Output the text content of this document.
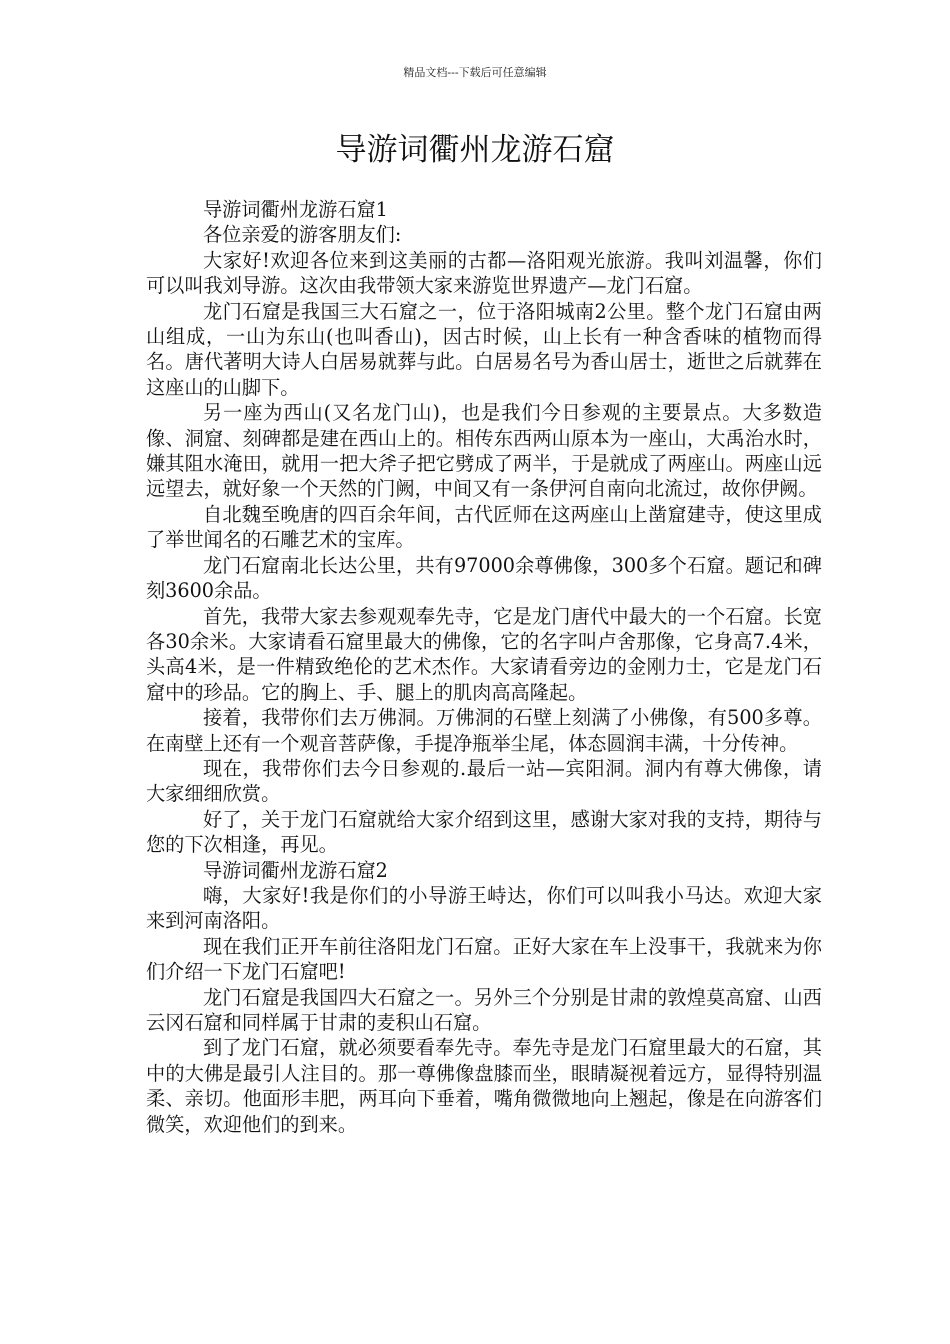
精品文档---下载后可任意编辑
导游词衢州龙游石窟

导游词衢州龙游石窟1

各位亲爱的游客朋友们:

大家好!欢迎各位来到这美丽的古都—洛阳观光旅游。我叫刘温馨，你们可以叫我刘导游。这次由我带领大家来游览世界遗产—龙门石窟。

龙门石窟是我国三大石窟之一，位于洛阳城南2公里。整个龙门石窟由两山组成，一山为东山(也叫香山)，因古时候，山上长有一种含香味的植物而得名。唐代著明大诗人白居易就葬与此。白居易名号为香山居士，逝世之后就葬在这座山的山脚下。

另一座为西山(又名龙门山)，也是我们今日参观的主要景点。大多数造像、洞窟、刻碑都是建在西山上的。相传东西两山原本为一座山，大禹治水时，嫌其阻水淹田，就用一把大斧子把它劈成了两半，于是就成了两座山。两座山远远望去，就好象一个天然的门阙，中间又有一条伊河自南向北流过，故你伊阙。

自北魏至晚唐的四百余年间，古代匠师在这两座山上凿窟建寺，使这里成了举世闻名的石雕艺术的宝库。

龙门石窟南北长达公里，共有97000余尊佛像，300多个石窟。题记和碑刻3600余品。

首先，我带大家去参观观奉先寺，它是龙门唐代中最大的一个石窟。长宽各30余米。大家请看石窟里最大的佛像，它的名字叫卢舍那像，它身高7.4米，头高4米，是一件精致绝伦的艺术杰作。大家请看旁边的金刚力士，它是龙门石窟中的珍品。它的胸上、手、腿上的肌肉高高隆起。

接着，我带你们去万佛洞。万佛洞的石壁上刻满了小佛像，有500多尊。在南壁上还有一个观音菩萨像，手提净瓶举尘尾，体态圆润丰满，十分传神。

现在，我带你们去今日参观的.最后一站—宾阳洞。洞内有尊大佛像，请大家细细欣赏。

好了，关于龙门石窟就给大家介绍到这里，感谢大家对我的支持，期待与您的下次相逢，再见。

导游词衢州龙游石窟2

嗨，大家好!我是你们的小导游王峙达，你们可以叫我小马达。欢迎大家来到河南洛阳。

现在我们正开车前往洛阳龙门石窟。正好大家在车上没事干，我就来为你们介绍一下龙门石窟吧!

龙门石窟是我国四大石窟之一。另外三个分别是甘肃的敦煌莫高窟、山西云冈石窟和同样属于甘肃的麦积山石窟。

到了龙门石窟，就必须要看奉先寺。奉先寺是龙门石窟里最大的石窟，其中的大佛是最引人注目的。那一尊佛像盘膝而坐，眼睛凝视着远方，显得特别温柔、亲切。他面形丰肥，两耳向下垂着，嘴角微微地向上翘起，像是在向游客们微笑，欢迎他们的到来。
